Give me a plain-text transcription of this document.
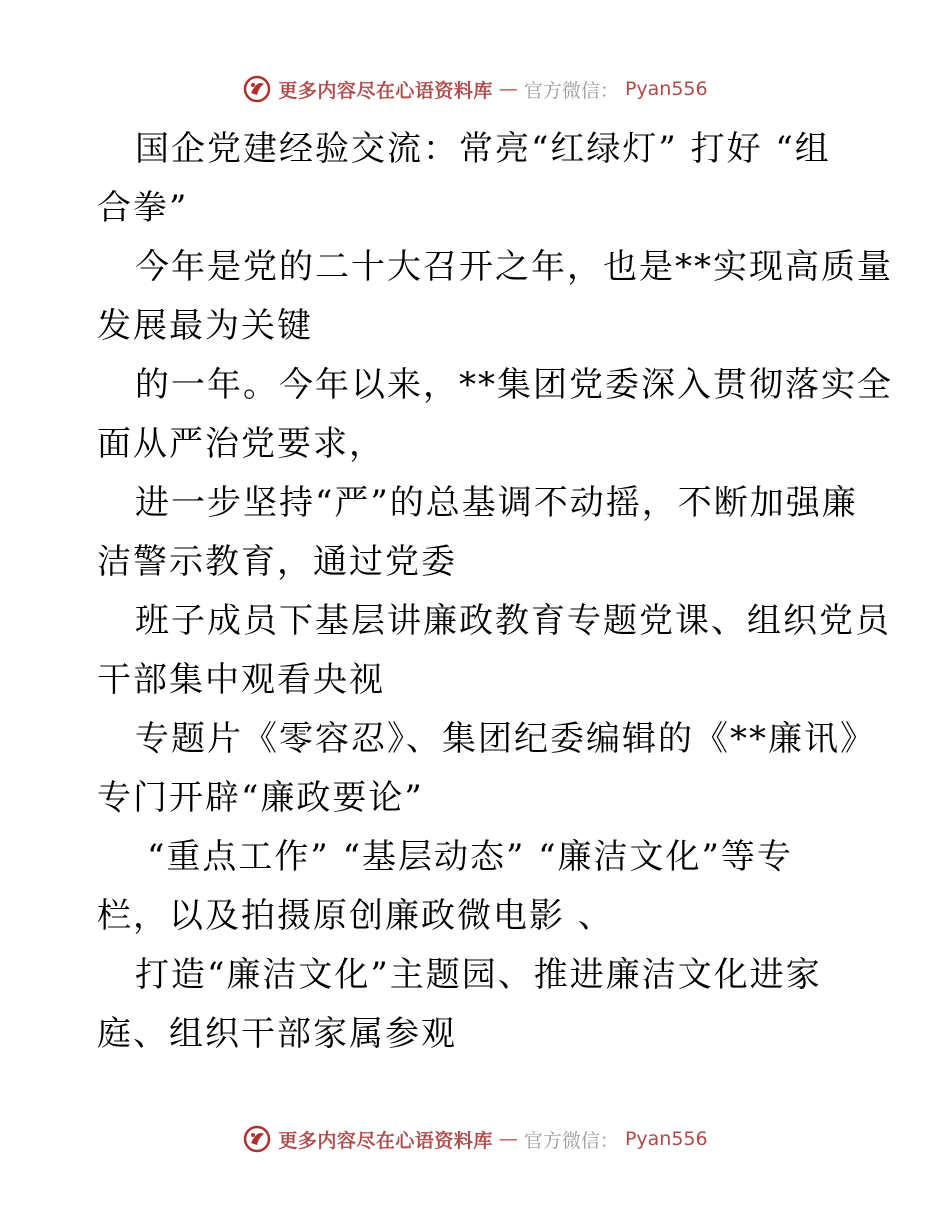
更多内容尽在心语资料库 — 官方微信： Pyan556
国企党建经验交流：常亮“红绿灯” 打好 “组
合拳”
今年是党的二十大召开之年，也是**实现高质量
发展最为关键
的一年。今年以来，**集团党委深入贯彻落实全
面从严治党要求，
进一步坚持“严”的总基调不动摇，不断加强廉
洁警示教育，通过党委
班子成员下基层讲廉政教育专题党课、组织党员
干部集中观看央视
专题片《零容忍》、集团纪委编辑的《**廉讯》
专门开辟“廉政要论”
“重点工作” “基层动态” “廉洁文化”等专
栏，以及拍摄原创廉政微电影 、
打造“廉洁文化”主题园、推进廉洁文化进家
庭、组织干部家属参观
更多内容尽在心语资料库 — 官方微信： Pyan556
